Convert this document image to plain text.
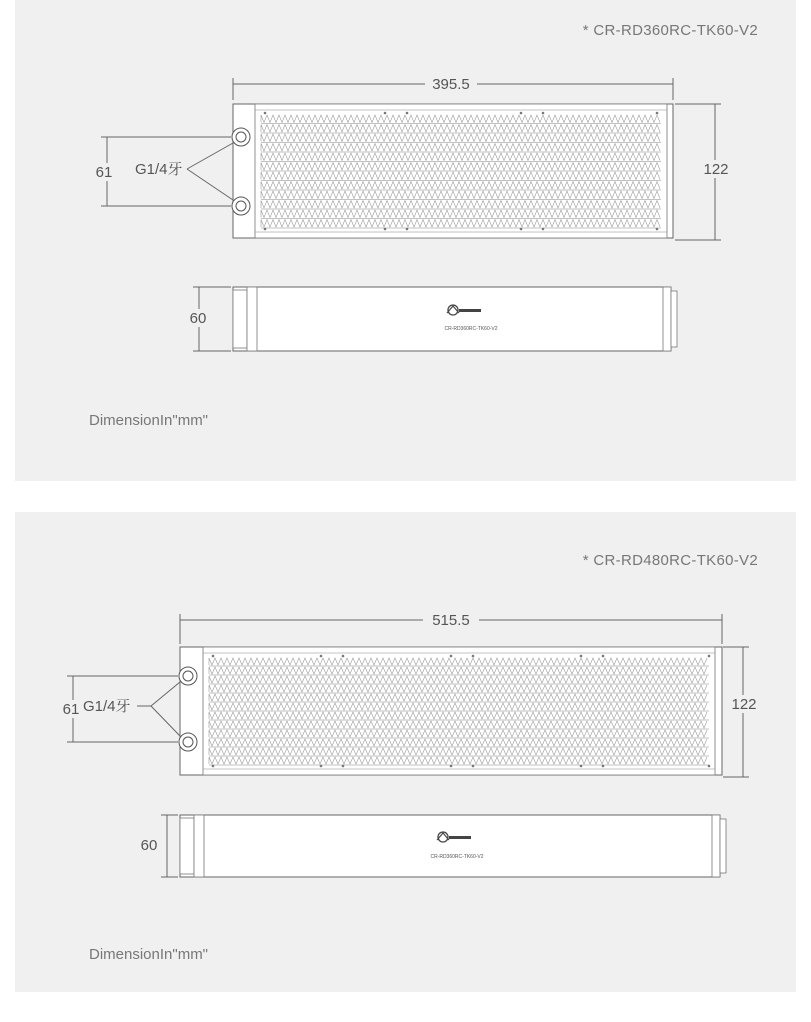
* CR-RD360RC-TK60-V2
395.5
122
61 G1/4牙
CR-RD360RC-TK60-V2
60
DimensionIn"mm"
* CR-RD480RC-TK60-V2
515.5
122
61 G1/4牙
CR-RD360RC-TK60-V2
60
DimensionIn"mm"
